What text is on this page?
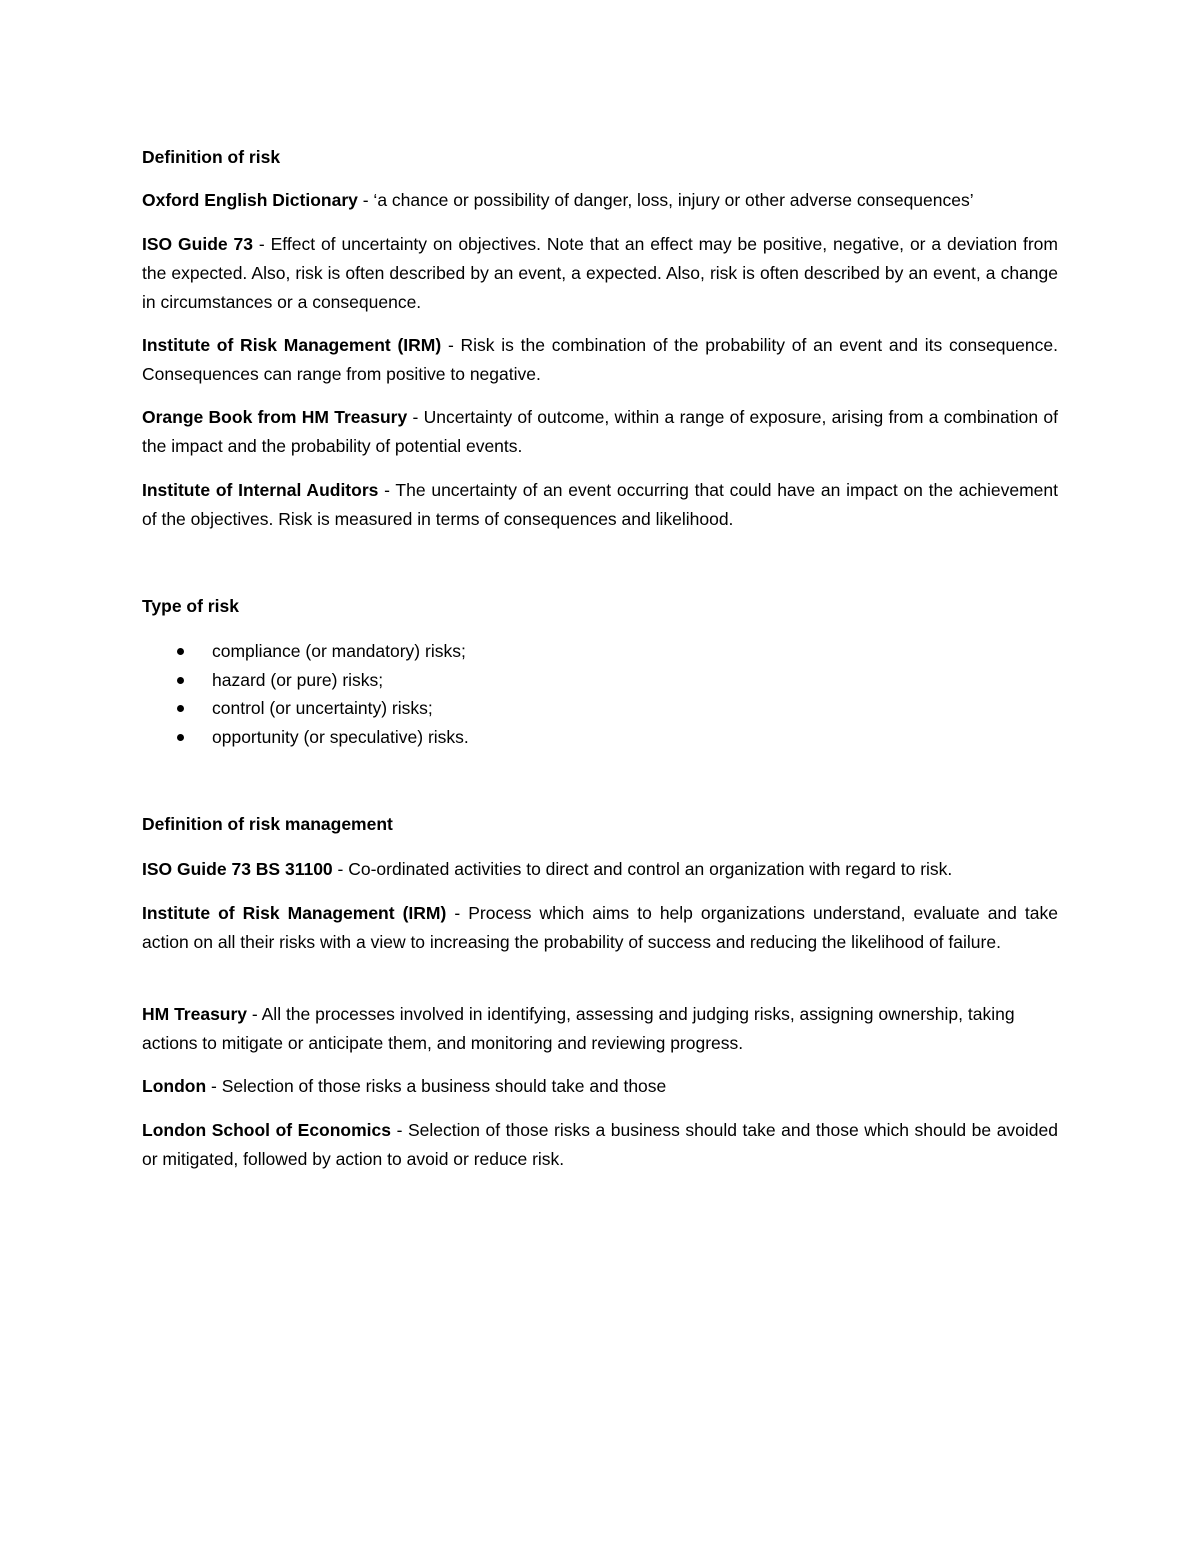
Definition of risk

Oxford English Dictionary - ‘a chance or possibility of danger, loss, injury or other adverse consequences’

ISO Guide 73 - Effect of uncertainty on objectives. Note that an effect may be positive, negative, or a deviation from the expected. Also, risk is often described by an event, a expected. Also, risk is often described by an event, a change in circumstances or a consequence.

Institute of Risk Management (IRM) - Risk is the combination of the probability of an event and its consequence. Consequences can range from positive to negative.

Orange Book from HM Treasury - Uncertainty of outcome, within a range of exposure, arising from a combination of the impact and the probability of potential events.

Institute of Internal Auditors - The uncertainty of an event occurring that could have an impact on the achievement of the objectives. Risk is measured in terms of consequences and likelihood.

Type of risk

compliance (or mandatory) risks;
hazard (or pure) risks;
control (or uncertainty) risks;
opportunity (or speculative) risks.

Definition of risk management

ISO Guide 73 BS 31100 - Co-ordinated activities to direct and control an organization with regard to risk.

Institute of Risk Management (IRM) - Process which aims to help organizations understand, evaluate and take action on all their risks with a view to increasing the probability of success and reducing the likelihood of failure.

HM Treasury - All the processes involved in identifying, assessing and judging risks, assigning ownership, taking actions to mitigate or anticipate them, and monitoring and reviewing progress.

London - Selection of those risks a business should take and those

London School of Economics - Selection of those risks a business should take and those which should be avoided or mitigated, followed by action to avoid or reduce risk.
